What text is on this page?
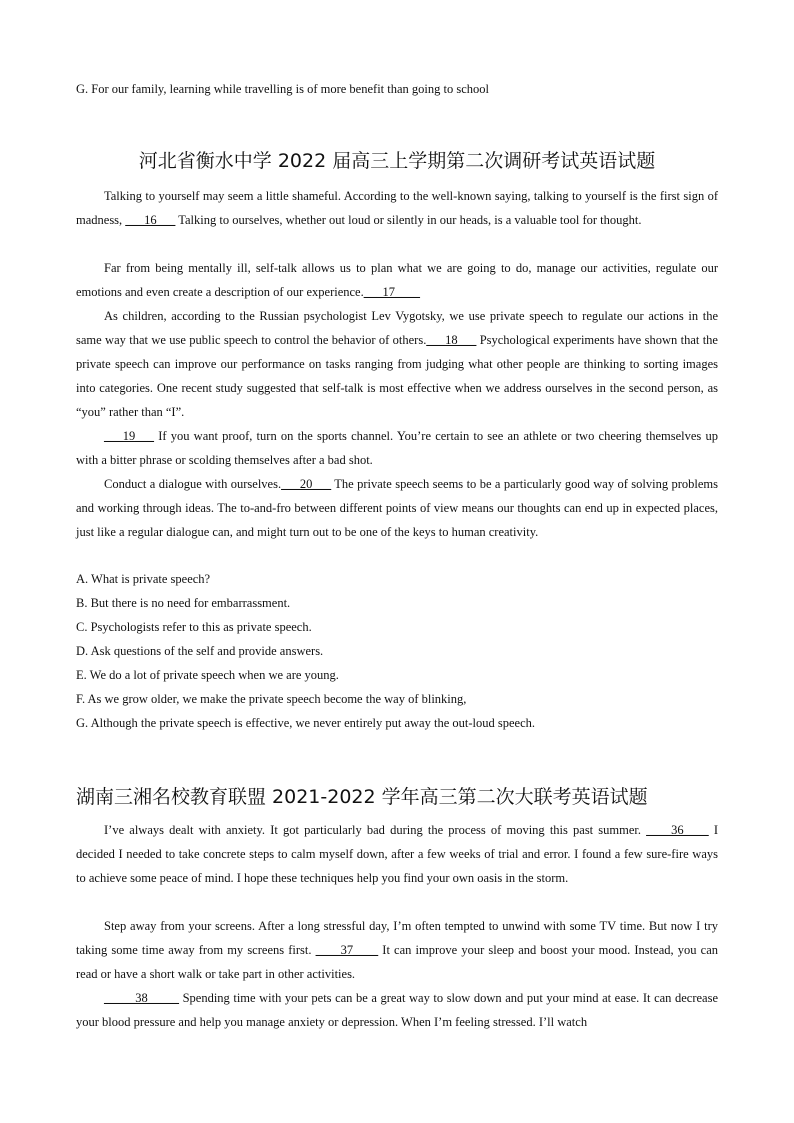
G. For our family, learning while travelling is of more benefit than going to school
河北省衡水中学 2022 届高三上学期第二次调研考试英语试题

Talking to yourself may seem a little shameful. According to the well-known saying, talking to yourself is the first sign of madness, ___16___ Talking to ourselves, whether out loud or silently in our heads, is a valuable tool for thought.

Far from being mentally ill, self-talk allows us to plan what we are going to do, manage our activities, regulate our emotions and even create a description of our experience.___17____

As children, according to the Russian psychologist Lev Vygotsky, we use private speech to regulate our actions in the same way that we use public speech to control the behavior of others.___18___ Psychological experiments have shown that the private speech can improve our performance on tasks ranging from judging what other people are thinking to sorting images into categories. One recent study suggested that self-talk is most effective when we address ourselves in the second person, as “you” rather than “I”.

___19___ If you want proof, turn on the sports channel. You’re certain to see an athlete or two cheering themselves up with a bitter phrase or scolding themselves after a bad shot.

Conduct a dialogue with ourselves.___20___ The private speech seems to be a particularly good way of solving problems and working through ideas. The to-and-fro between different points of view means our thoughts can end up in expected places, just like a regular dialogue can, and might turn out to be one of the keys to human creativity.

A. What is private speech?
B. But there is no need for embarrassment.
C. Psychologists refer to this as private speech.
D. Ask questions of the self and provide answers.
E. We do a lot of private speech when we are young.
F. As we grow older, we make the private speech become the way of blinking,
G. Although the private speech is effective, we never entirely put away the out-loud speech.
湖南三湘名校教育联盟 2021-2022 学年高三第二次大联考英语试题

I’ve always dealt with anxiety. It got particularly bad during the process of moving this past summer. ____36____ I decided I needed to take concrete steps to calm myself down, after a few weeks of trial and error. I found a few sure-fire ways to achieve some peace of mind. I hope these techniques help you find your own oasis in the storm.

Step away from your screens. After a long stressful day, I’m often tempted to unwind with some TV time. But now I try taking some time away from my screens first. ____37____ It can improve your sleep and boost your mood. Instead, you can read or have a short walk or take part in other activities.

_____38_____ Spending time with your pets can be a great way to slow down and put your mind at ease. It can decrease your blood pressure and help you manage anxiety or depression. When I’m feeling stressed. I’ll watch
